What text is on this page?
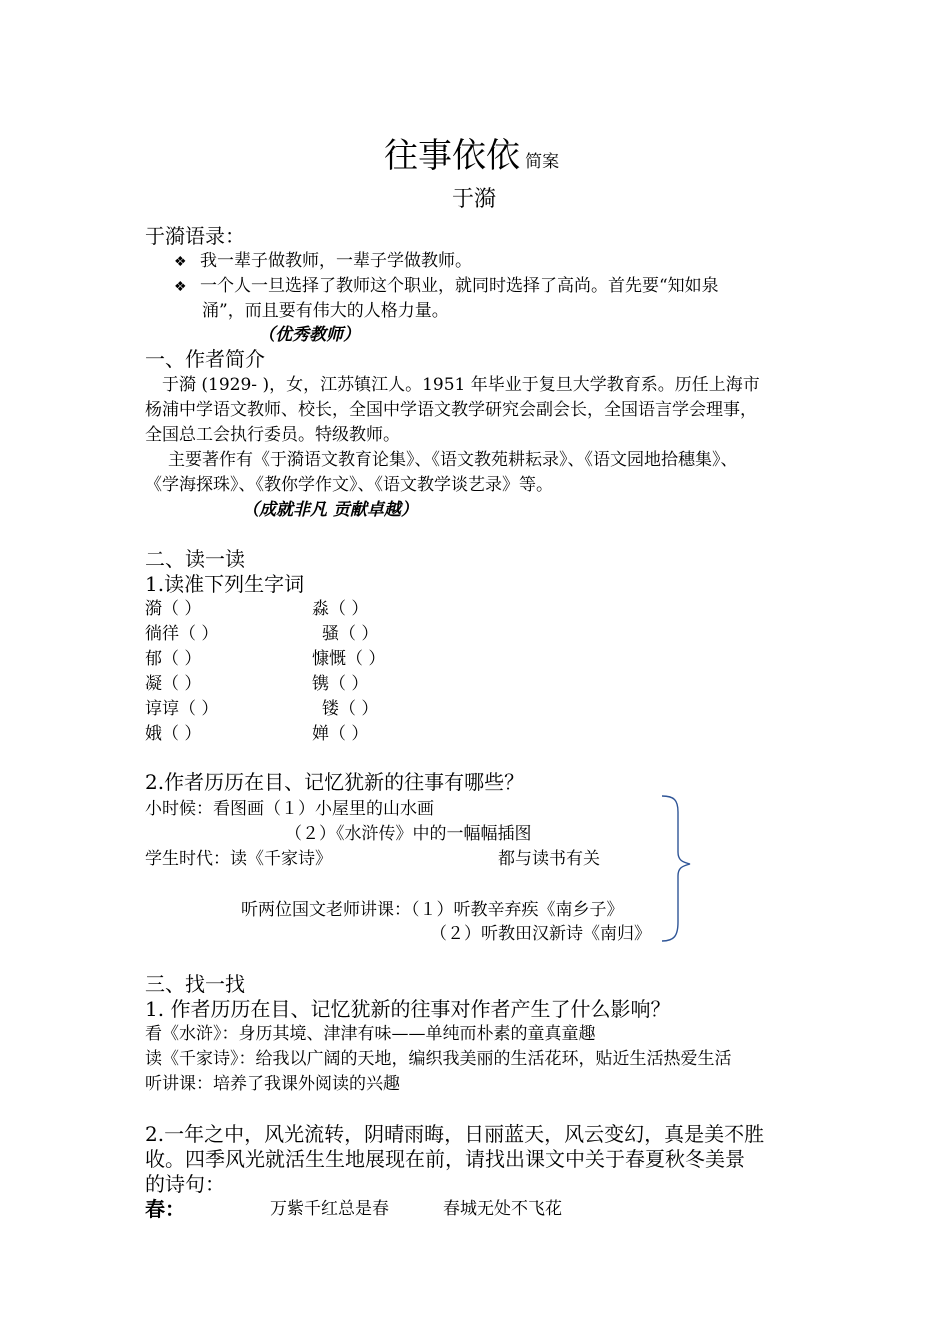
往事依依 简案
于漪
于漪语录：
❖ 我一辈子做教师，一辈子学做教师。
❖ 一个人一旦选择了教师这个职业，就同时选择了高尚。首先要“知如泉
涌”，而且要有伟大的人格力量。
（优秀教师）
一、作者简介
于漪 (1929- )，女，江苏镇江人。1951 年毕业于复旦大学教育系。历任上海市
杨浦中学语文教师、校长，全国中学语文教学研究会副会长，全国语言学会理事，
全国总工会执行委员。特级教师。
主要著作有《于漪语文教育论集》、《语文教苑耕耘录》、《语文园地拾穗集》、
《学海探珠》、《教你学作文》、《语文教学谈艺录》等。
（成就非凡 贡献卓越）
二、读一读
1.读准下列生字词
漪（ ）	淼（ ）
徜徉（ ）	骚（ ）
郁（ ）	慷慨（ ）
凝（ ）	镌（ ）
谆谆（ ）	镂（ ）
娥（ ）	婵（ ）
2.作者历历在目、记忆犹新的往事有哪些？
小时候：看图画（１）小屋里的山水画
（２）《水浒传》中的一幅幅插图
学生时代：读《千家诗》	都与读书有关
听两位国文老师讲课：（１）听教辛弃疾《南乡子》
（２）听教田汉新诗《南归》
三、找一找
1. 作者历历在目、记忆犹新的往事对作者产生了什么影响？
看《水浒》：身历其境、津津有味——单纯而朴素的童真童趣
读《千家诗》：给我以广阔的天地，编织我美丽的生活花环，贴近生活热爱生活
听讲课：培养了我课外阅读的兴趣
2.一年之中，风光流转，阴晴雨晦，日丽蓝天，风云变幻，真是美不胜
收。四季风光就活生生地展现在前，请找出课文中关于春夏秋冬美景
的诗句：
春：	万紫千红总是春	春城无处不飞花
